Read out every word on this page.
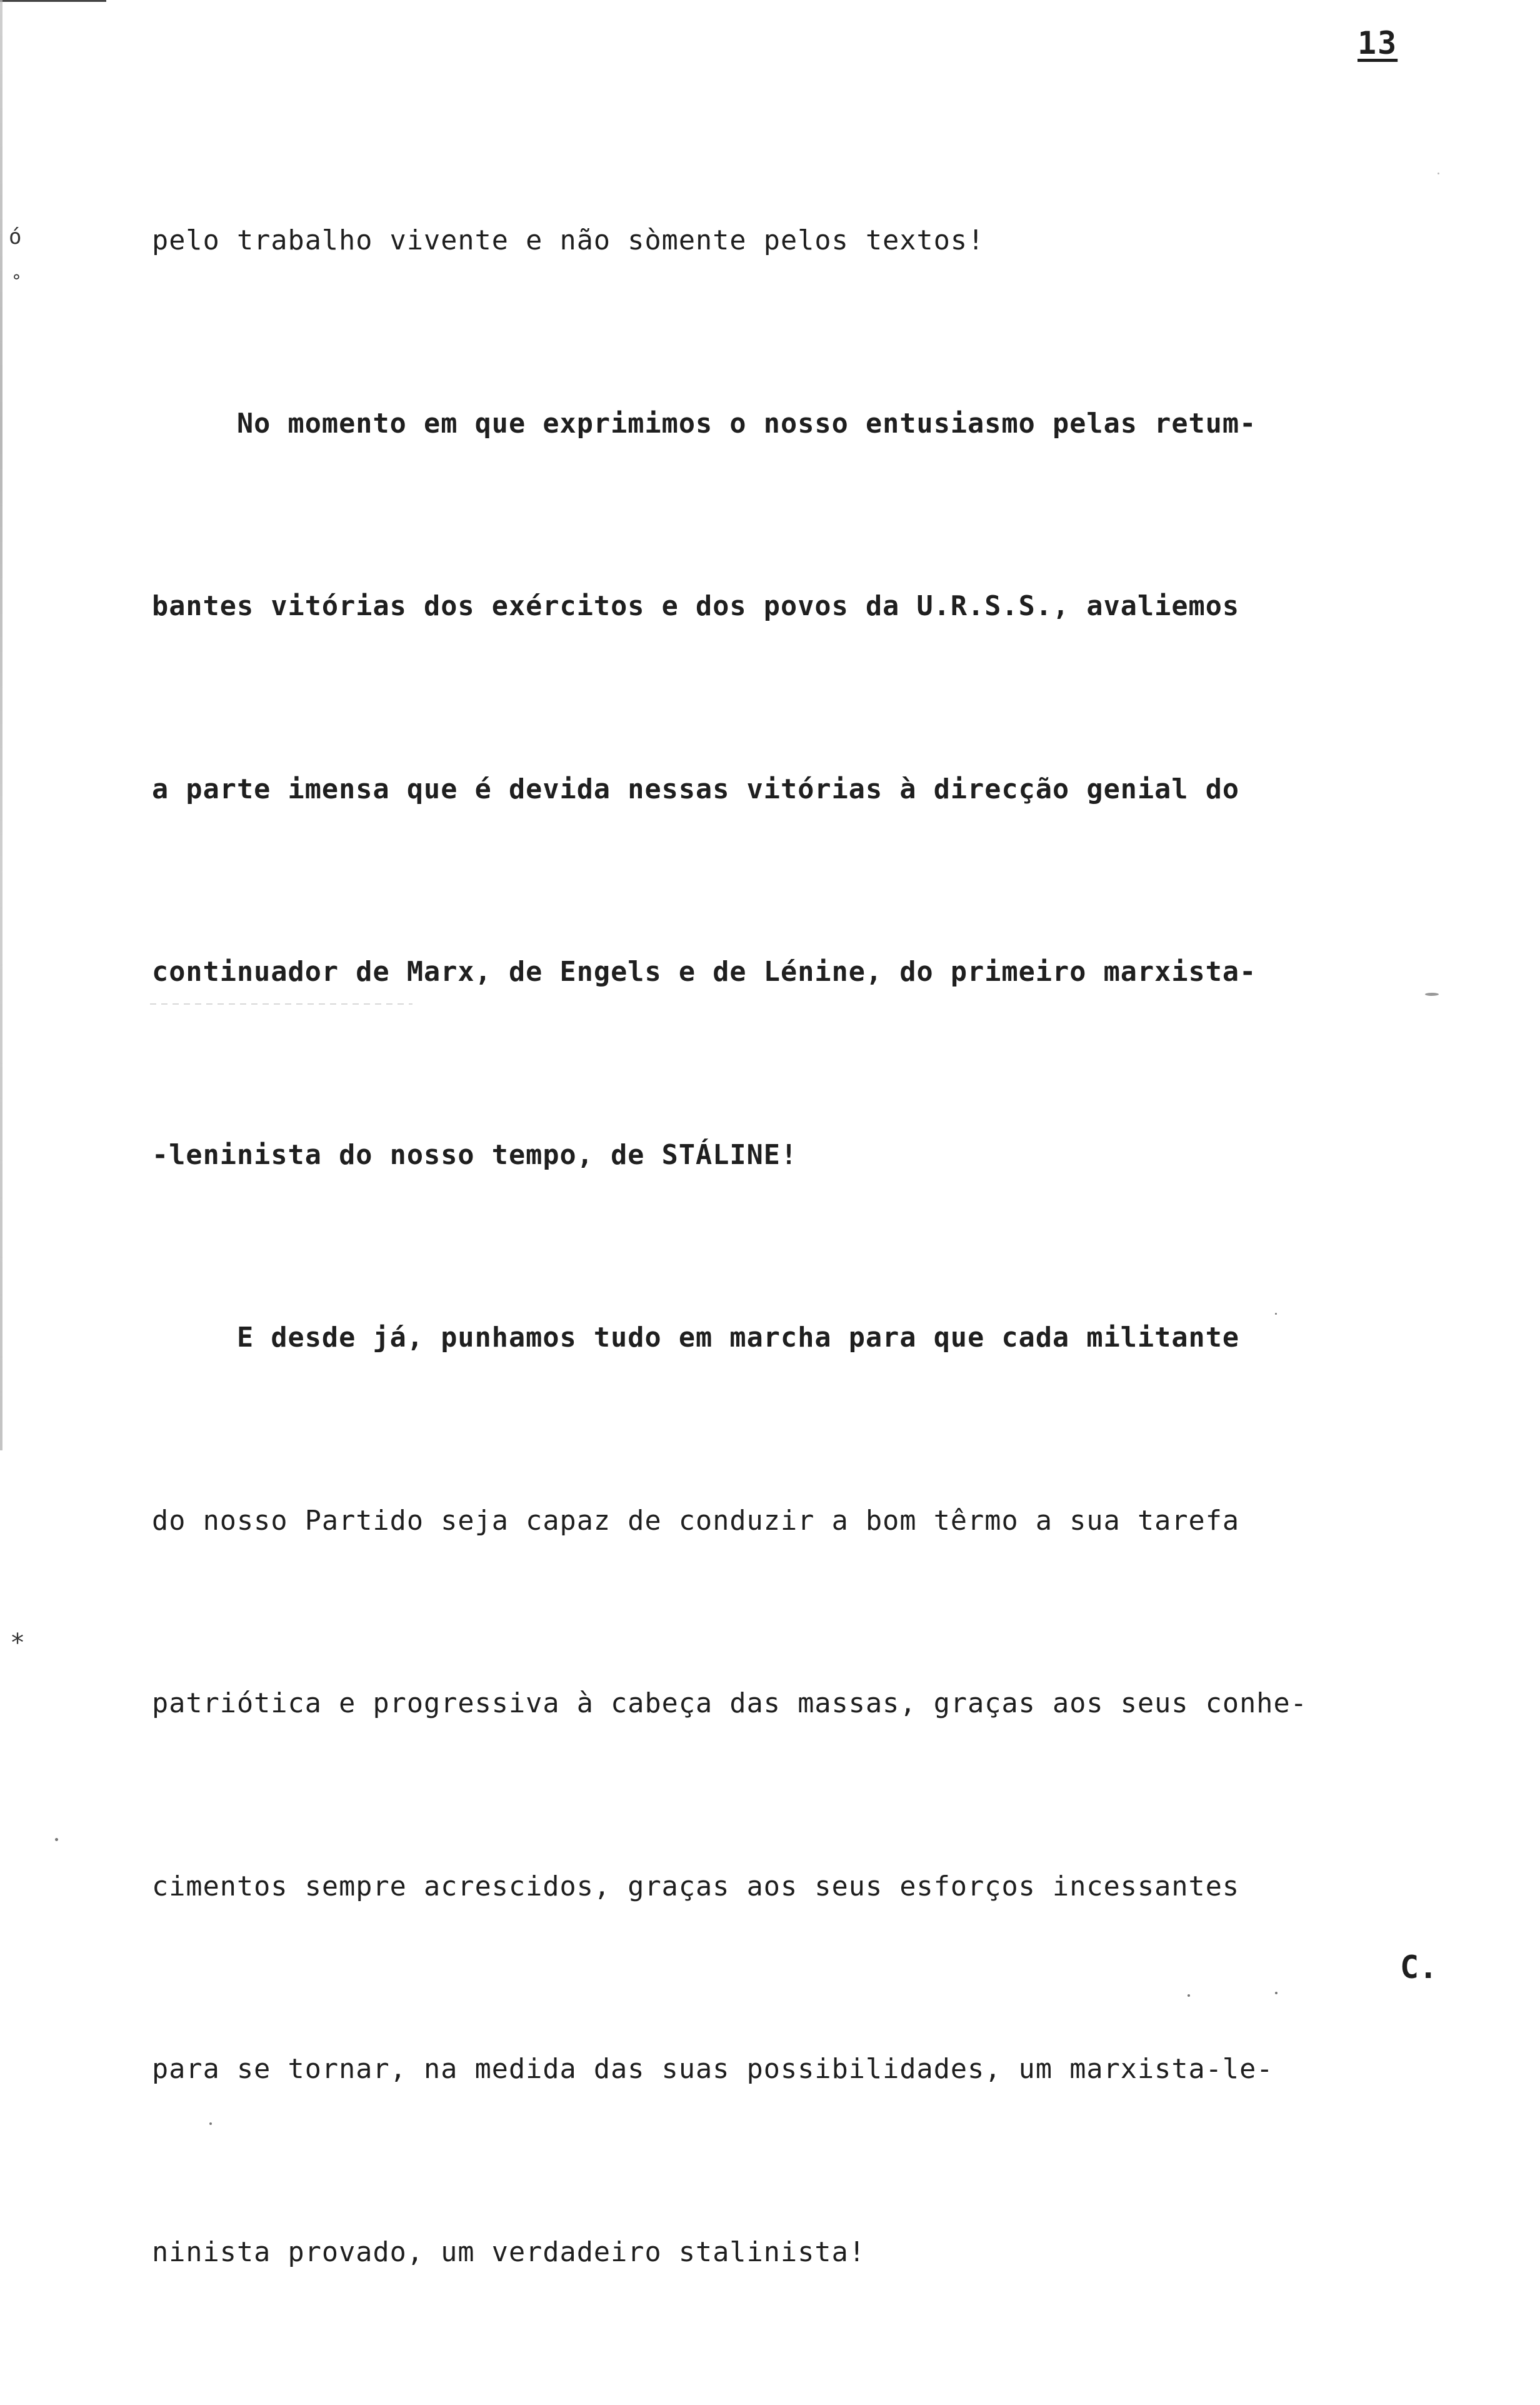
13

pelo trabalho vivente e não sòmente pelos textos!

No momento em que exprimimos o nosso entusiasmo pelas retum-

bantes vitórias dos exércitos e dos povos da U.R.S.S., avaliemos

a parte imensa que é devida nessas vitórias à direcção genial do

continuador de Marx, de Engels e de Lénine, do primeiro marxista-

-leninista do nosso tempo, de STÁLINE!

E desde já, punhamos tudo em marcha para que cada militante

do nosso Partido seja capaz de conduzir a bom têrmo a sua tarefa

patriótica e progressiva à cabeça das massas, graças aos seus conhe-

cimentos sempre acrescidos, graças aos seus esforços incessantes

para se tornar, na medida das suas possibilidades, um marxista-le-

ninista provado, um verdadeiro stalinista!

ó
°
∗
C.
